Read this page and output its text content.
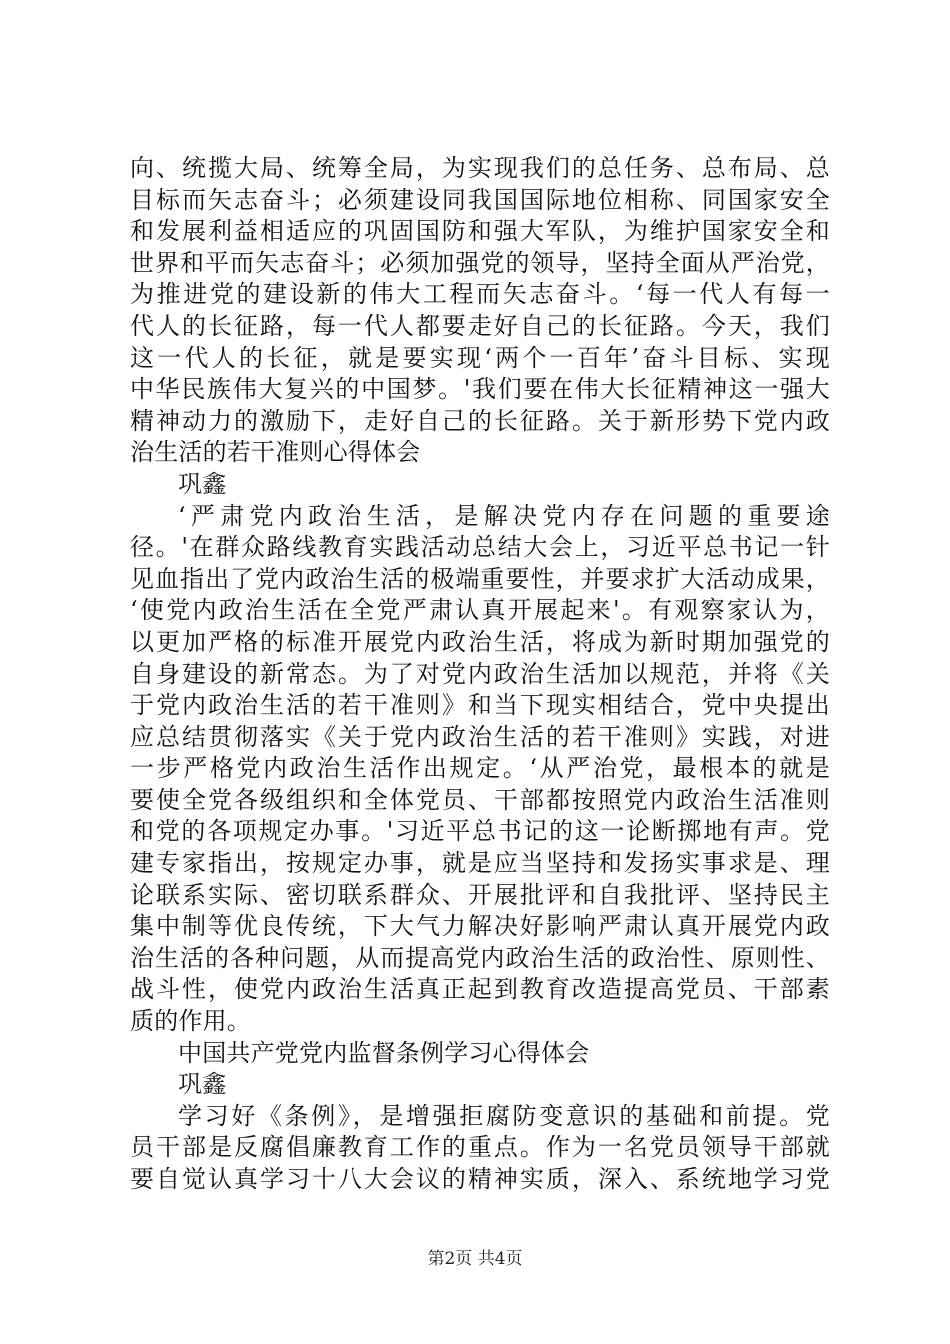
向、统揽大局、统筹全局，为实现我们的总任务、总布局、总
目标而矢志奋斗；必须建设同我国国际地位相称、同国家安全
和发展利益相适应的巩固国防和强大军队，为维护国家安全和
世界和平而矢志奋斗；必须加强党的领导，坚持全面从严治党，
为推进党的建设新的伟大工程而矢志奋斗。‘每一代人有每一
代人的长征路，每一代人都要走好自己的长征路。今天，我们
这一代人的长征，就是要实现‘两个一百年’奋斗目标、实现
中华民族伟大复兴的中国梦。'我们要在伟大长征精神这一强大
精神动力的激励下，走好自己的长征路。关于新形势下党内政
治生活的若干准则心得体会
巩鑫
‘严肃党内政治生活，是解决党内存在问题的重要途
径。'在群众路线教育实践活动总结大会上，习近平总书记一针
见血指出了党内政治生活的极端重要性，并要求扩大活动成果，
‘使党内政治生活在全党严肃认真开展起来'。有观察家认为，
以更加严格的标准开展党内政治生活，将成为新时期加强党的
自身建设的新常态。为了对党内政治生活加以规范，并将《关
于党内政治生活的若干准则》和当下现实相结合，党中央提出
应总结贯彻落实《关于党内政治生活的若干准则》实践，对进
一步严格党内政治生活作出规定。‘从严治党，最根本的就是
要使全党各级组织和全体党员、干部都按照党内政治生活准则
和党的各项规定办事。'习近平总书记的这一论断掷地有声。党
建专家指出，按规定办事，就是应当坚持和发扬实事求是、理
论联系实际、密切联系群众、开展批评和自我批评、坚持民主
集中制等优良传统，下大气力解决好影响严肃认真开展党内政
治生活的各种问题，从而提高党内政治生活的政治性、原则性、
战斗性，使党内政治生活真正起到教育改造提高党员、干部素
质的作用。
中国共产党党内监督条例学习心得体会
巩鑫
学习好《条例》，是增强拒腐防变意识的基础和前提。党
员干部是反腐倡廉教育工作的重点。作为一名党员领导干部就
要自觉认真学习十八大会议的精神实质，深入、系统地学习党
第2页 共4页
